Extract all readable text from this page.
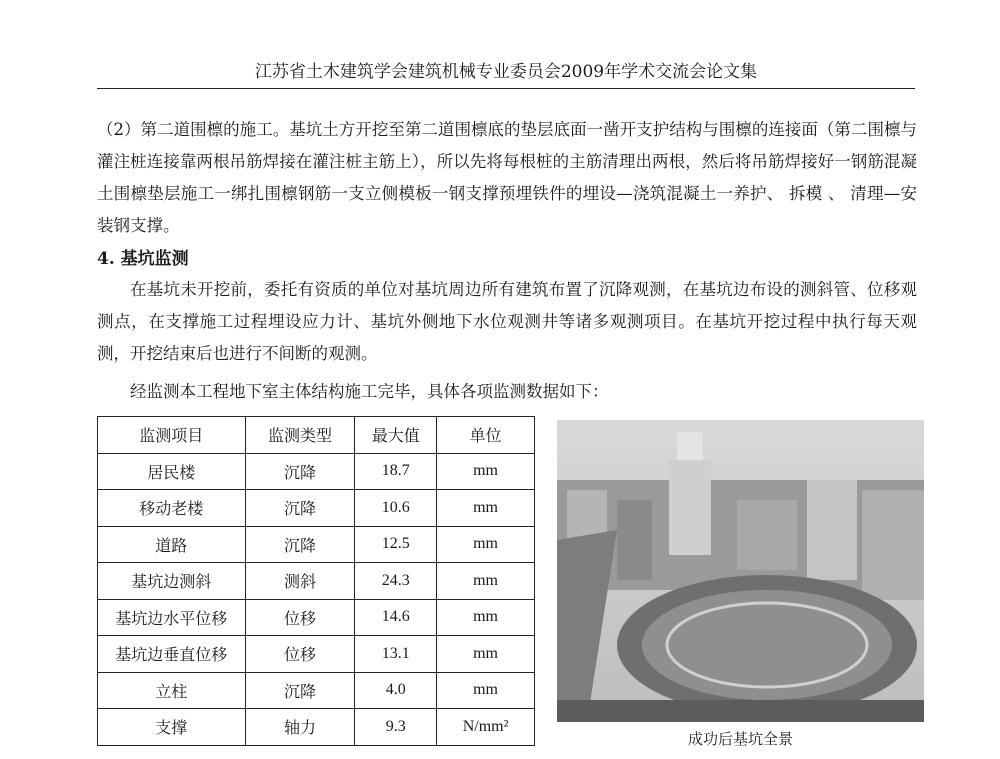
江苏省土木建筑学会建筑机械专业委员会2009年学术交流会论文集
（2）第二道围檩的施工。基坑土方开挖至第二道围檩底的垫层底面一凿开支护结构与围檩的连接面（第二围檩与灌注桩连接靠两根吊筋焊接在灌注桩主筋上），所以先将每根桩的主筋清理出两根，然后将吊筋焊接好一钢筋混凝土围檩垫层施工一绑扎围檩钢筋一支立侧模板一钢支撑预埋铁件的埋设—浇筑混凝土一养护、 拆模 、 清理—安装钢支撑。
4. 基坑监测
在基坑未开挖前，委托有资质的单位对基坑周边所有建筑布置了沉降观测，在基坑边布设的测斜管、位移观测点，在支撑施工过程埋设应力计、基坑外侧地下水位观测井等诸多观测项目。在基坑开挖过程中执行每天观测，开挖结束后也进行不间断的观测。
经监测本工程地下室主体结构施工完毕，具体各项监测数据如下：
监测项目	监测类型	最大值	单位
居民楼	沉降	18.7	mm
移动老楼	沉降	10.6	mm
道路	沉降	12.5	mm
基坑边测斜	测斜	24.3	mm
基坑边水平位移	位移	14.6	mm
基坑边垂直位移	位移	13.1	mm
立柱	沉降	4.0	mm
支撑	轴力	9.3	N/mm²
成功后基坑全景
